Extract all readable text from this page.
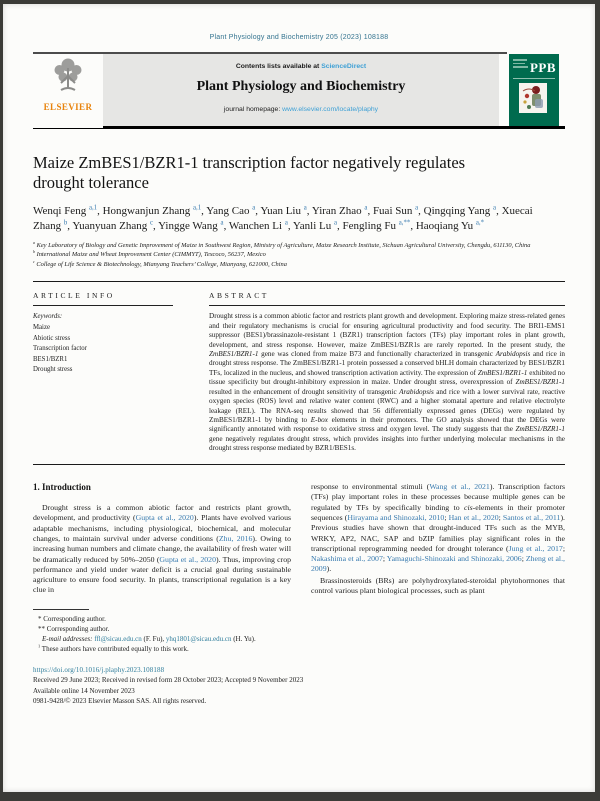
Plant Physiology and Biochemistry 205 (2023) 108188
ELSEVIER
Contents lists available at ScienceDirect
Plant Physiology and Biochemistry
journal homepage: www.elsevier.com/locate/plaphy
PPB
Maize ZmBES1/BZR1-1 transcription factor negatively regulates drought tolerance

Wenqi Feng $^{a,1}$, Hongwanjun Zhang $^{a,1}$, Yang Cao $^a$, Yuan Liu $^a$, Yiran Zhao $^a$, Fuai Sun $^a$, Qingqing Yang $^a$, Xuecai Zhang $^b$, Yuanyuan Zhang $^c$, Yingge Wang $^a$, Wanchen Li $^a$, Yanli Lu $^a$, Fengling Fu $^{a,**}$, Haoqiang Yu $^{a,*}$

$^a$ Key Laboratory of Biology and Genetic Improvement of Maize in Southwest Region, Ministry of Agriculture, Maize Research Institute, Sichuan Agricultural University, Chengdu, 611130, China
$^b$ International Maize and Wheat Improvement Center (CIMMYT), Texcoco, 56237, Mexico
$^c$ College of Life Science & Biotechnology, Mianyang Teachers’ College, Mianyang, 621000, China
ARTICLE INFO
Keywords:
Maize
Abiotic stress
Transcription factor
BES1/BZR1
Drought stress
ABSTRACT

Drought stress is a common abiotic factor and restricts plant growth and development. Exploring maize stress-related genes and their regulatory mechanisms is crucial for ensuring agricultural productivity and food security. The BRI1-EMS1 suppressor (BES1)/brassinazole-resistant 1 (BZR1) transcription factors (TFs) play important roles in plant growth, development, and stress response. However, maize ZmBES1/BZR1s are rarely reported. In the present study, the ZmBES1/BZR1-1 gene was cloned from maize B73 and functionally characterized in transgenic Arabidopsis and rice in drought stress response. The ZmBES1/BZR1-1 protein possessed a conserved bHLH domain characterized by BES1/BZR1 TFs, localized in the nucleus, and showed transcription activation activity. The expression of ZmBES1/BZR1-1 exhibited no tissue specificity but drought-inhibitory expression in maize. Under drought stress, overexpression of ZmBES1/BZR1-1 resulted in the enhancement of drought sensitivity of transgenic Arabidopsis and rice with a lower survival rate, reactive oxygen species (ROS) level and relative water content (RWC) and a higher stomatal aperture and relative electrolyte leakage (REL). The RNA-seq results showed that 56 differentially expressed genes (DEGs) were regulated by ZmBES1/BZR1-1 by binding to E-box elements in their promoters. The GO analysis showed that the DEGs were significantly annotated with response to oxidative stress and oxygen level. The study suggests that the ZmBES1/BZR1-1 gene negatively regulates drought stress, which provides insights into further underlying molecular mechanisms in the drought stress response mediated by BZR1/BES1s.

1. Introduction

Drought stress is a common abiotic factor and restricts plant growth, development, and productivity (Gupta et al., 2020). Plants have evolved various adaptable mechanisms, including physiological, biochemical, and molecular changes, to maintain survival under adverse conditions (Zhu, 2016). Owing to increasing human numbers and climate change, the availability of fresh water will be dramatically reduced by 50%–2050 (Gupta et al., 2020). Thus, improving crop performance and yield under water deficit is a crucial goal during sustainable agriculture to ensure food security. In plants, transcriptional regulation is a key clue in

* Corresponding author.
** Corresponding author.
E-mail addresses: ffl@sicau.edu.cn (F. Fu), yhq1801@sicau.edu.cn (H. Yu).
$^1$ These authors have contributed equally to this work.

response to environmental stimuli (Wang et al., 2021). Transcription factors (TFs) play important roles in these processes because multiple genes can be regulated by TFs by specifically binding to cis-elements in their promoter sequences (Hirayama and Shinozaki, 2010; Han et al., 2020; Santos et al., 2011). Previous studies have shown that drought-induced TFs such as the MYB, WRKY, AP2, NAC, SAP and bZIP families play significant roles in the transcriptional reprogramming needed for drought tolerance (Jung et al., 2017; Nakashima et al., 2007; Yamaguchi-Shinozaki and Shinozaki, 2006; Zheng et al., 2009).

Brassinosteroids (BRs) are polyhydroxylated-steroidal phytohormones that control various plant biological processes, such as plant

https://doi.org/10.1016/j.plaphy.2023.108188
Received 29 June 2023; Received in revised form 28 October 2023; Accepted 9 November 2023
Available online 14 November 2023
0981-9428/© 2023 Elsevier Masson SAS. All rights reserved.
